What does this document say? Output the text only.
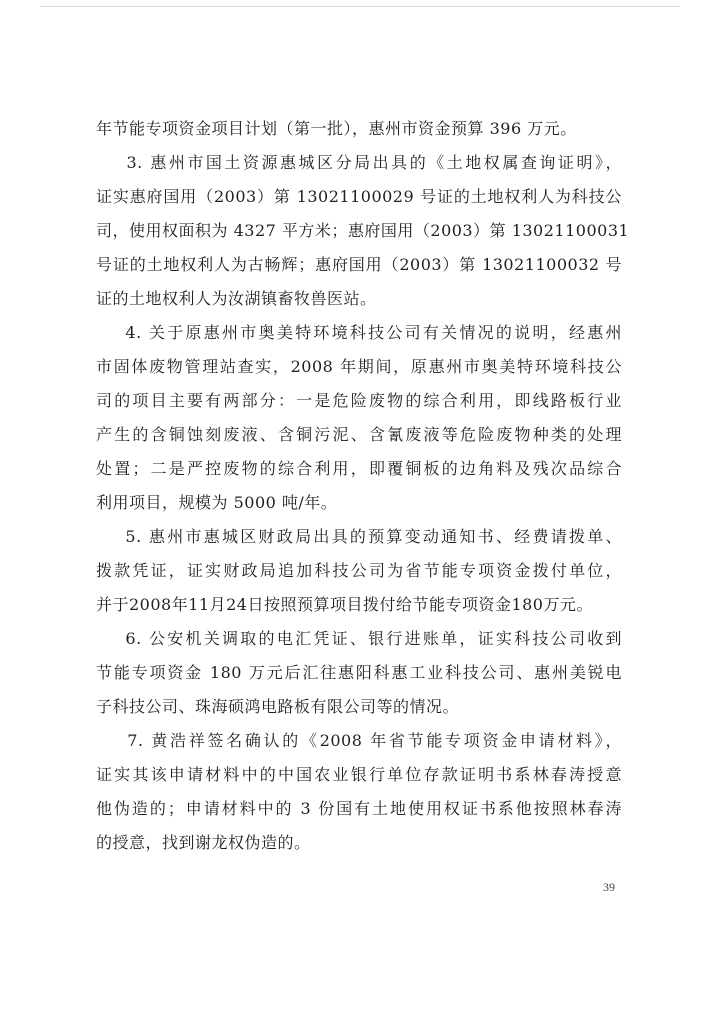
年节能专项资金项目计划（第一批），惠州市资金预算 396 万元。
3. 惠州市国土资源惠城区分局出具的《土地权属查询证明》，
证实惠府国用（2003）第 13021100029 号证的土地权利人为科技公
司，使用权面积为 4327 平方米；惠府国用（2003）第 13021100031
号证的土地权利人为古畅辉；惠府国用（2003）第 13021100032 号
证的土地权利人为汝湖镇畜牧兽医站。
4. 关于原惠州市奥美特环境科技公司有关情况的说明，经惠州
市固体废物管理站查实，2008 年期间，原惠州市奥美特环境科技公
司的项目主要有两部分：一是危险废物的综合利用，即线路板行业
产生的含铜蚀刻废液、含铜污泥、含氰废液等危险废物种类的处理
处置；二是严控废物的综合利用，即覆铜板的边角料及残次品综合
利用项目，规模为 5000 吨/年。
5. 惠州市惠城区财政局出具的预算变动通知书、经费请拨单、
拨款凭证，证实财政局追加科技公司为省节能专项资金拨付单位，
并于2008年11月24日按照预算项目拨付给节能专项资金180万元。
6. 公安机关调取的电汇凭证、银行进账单，证实科技公司收到
节能专项资金 180 万元后汇往惠阳科惠工业科技公司、惠州美锐电
子科技公司、珠海硕鸿电路板有限公司等的情况。
7. 黄浩祥签名确认的《2008 年省节能专项资金申请材料》，
证实其该申请材料中的中国农业银行单位存款证明书系林春涛授意
他伪造的；申请材料中的 3 份国有土地使用权证书系他按照林春涛
的授意，找到谢龙权伪造的。
39
